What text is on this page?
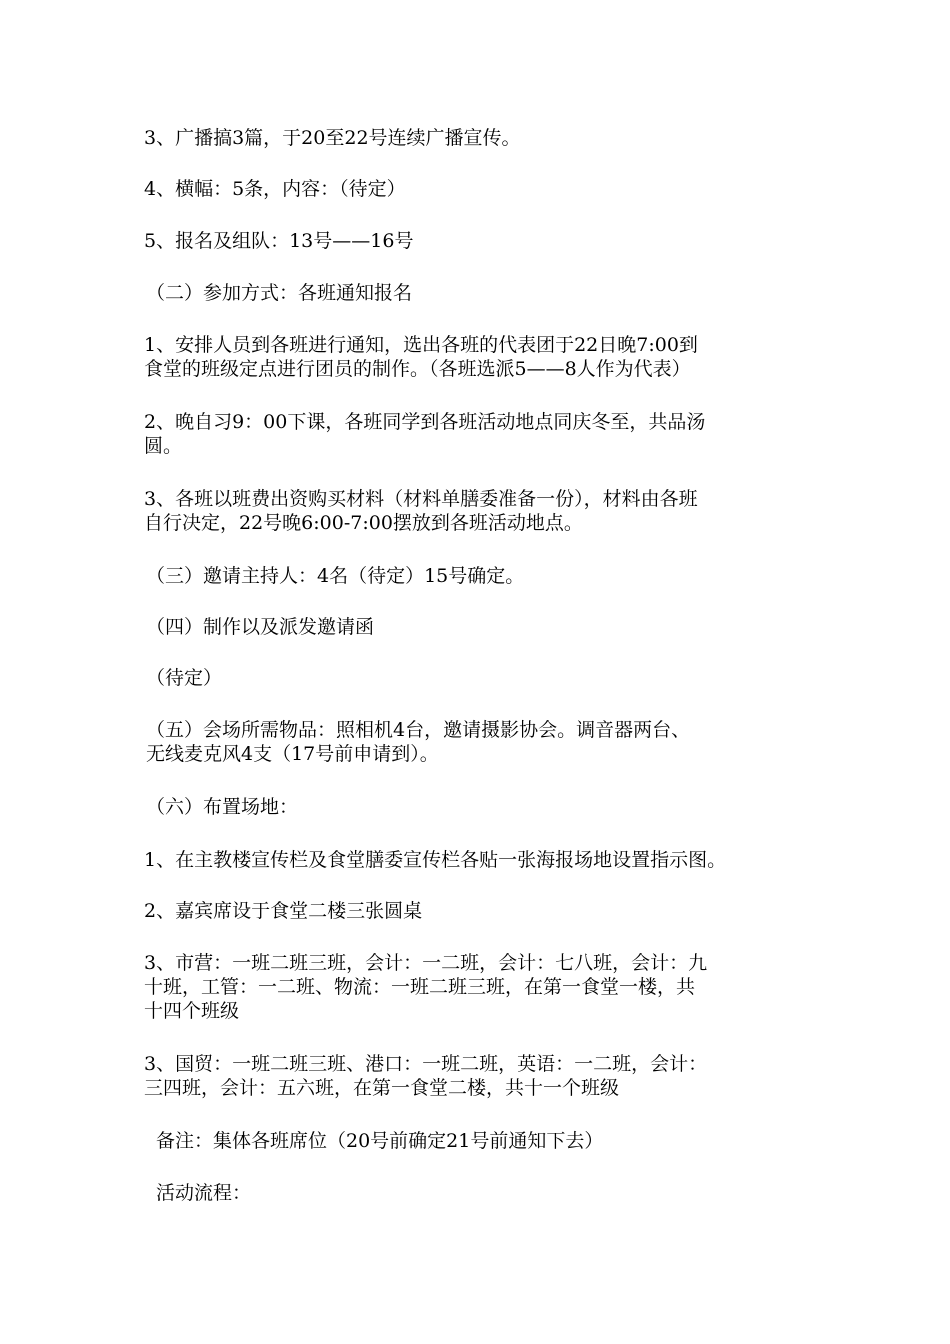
3、广播搞3篇，于20至22号连续广播宣传。

4、横幅：5条，内容：（待定）

5、报名及组队：13号——16号

（二）参加方式：各班通知报名

1、安排人员到各班进行通知，选出各班的代表团于22日晚7:00到
食堂的班级定点进行团员的制作。（各班选派5——8人作为代表）

2、晚自习9：00下课，各班同学到各班活动地点同庆冬至，共品汤
圆。

3、各班以班费出资购买材料（材料单膳委准备一份），材料由各班
自行决定，22号晚6:00-7:00摆放到各班活动地点。

（三）邀请主持人：4名（待定）15号确定。

（四）制作以及派发邀请函

（待定）

（五）会场所需物品：照相机4台，邀请摄影协会。调音器两台、
无线麦克风4支（17号前申请到）。

（六）布置场地：

1、在主教楼宣传栏及食堂膳委宣传栏各贴一张海报场地设置指示图。

2、嘉宾席设于食堂二楼三张圆桌

3、市营：一班二班三班，会计：一二班，会计：七八班，会计：九
十班，工管：一二班、物流：一班二班三班，在第一食堂一楼，共
十四个班级

3、国贸：一班二班三班、港口：一班二班，英语：一二班，会计：
三四班，会计：五六班，在第一食堂二楼，共十一个班级

备注：集体各班席位（20号前确定21号前通知下去）

活动流程：
